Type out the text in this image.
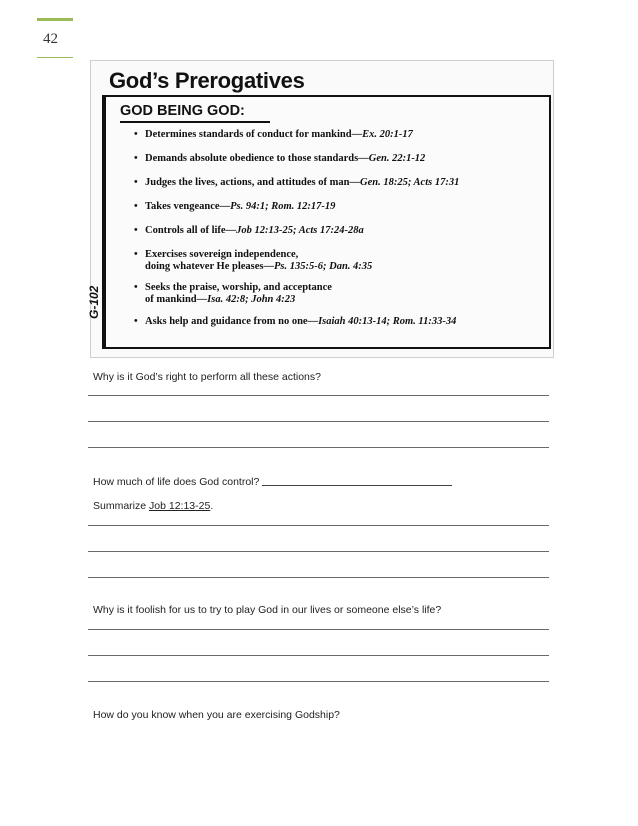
42
God’s Prerogatives
GOD BEING GOD:
• Determines standards of conduct for mankind—Ex. 20:1-17
• Demands absolute obedience to those standards—Gen. 22:1-12
• Judges the lives, actions, and attitudes of man—Gen. 18:25; Acts 17:31
• Takes vengeance—Ps. 94:1; Rom. 12:17-19
• Controls all of life—Job 12:13-25; Acts 17:24-28a
• Exercises sovereign independence,
doing whatever He pleases—Ps. 135:5-6; Dan. 4:35
• Seeks the praise, worship, and acceptance
of mankind—Isa. 42:8; John 4:23
• Asks help and guidance from no one—Isaiah 40:13-14; Rom. 11:33-34
G-102
Why is it God’s right to perform all these actions?
How much of life does God control?
Summarize Job 12:13-25.
Why is it foolish for us to try to play God in our lives or someone else’s life?
How do you know when you are exercising Godship?
